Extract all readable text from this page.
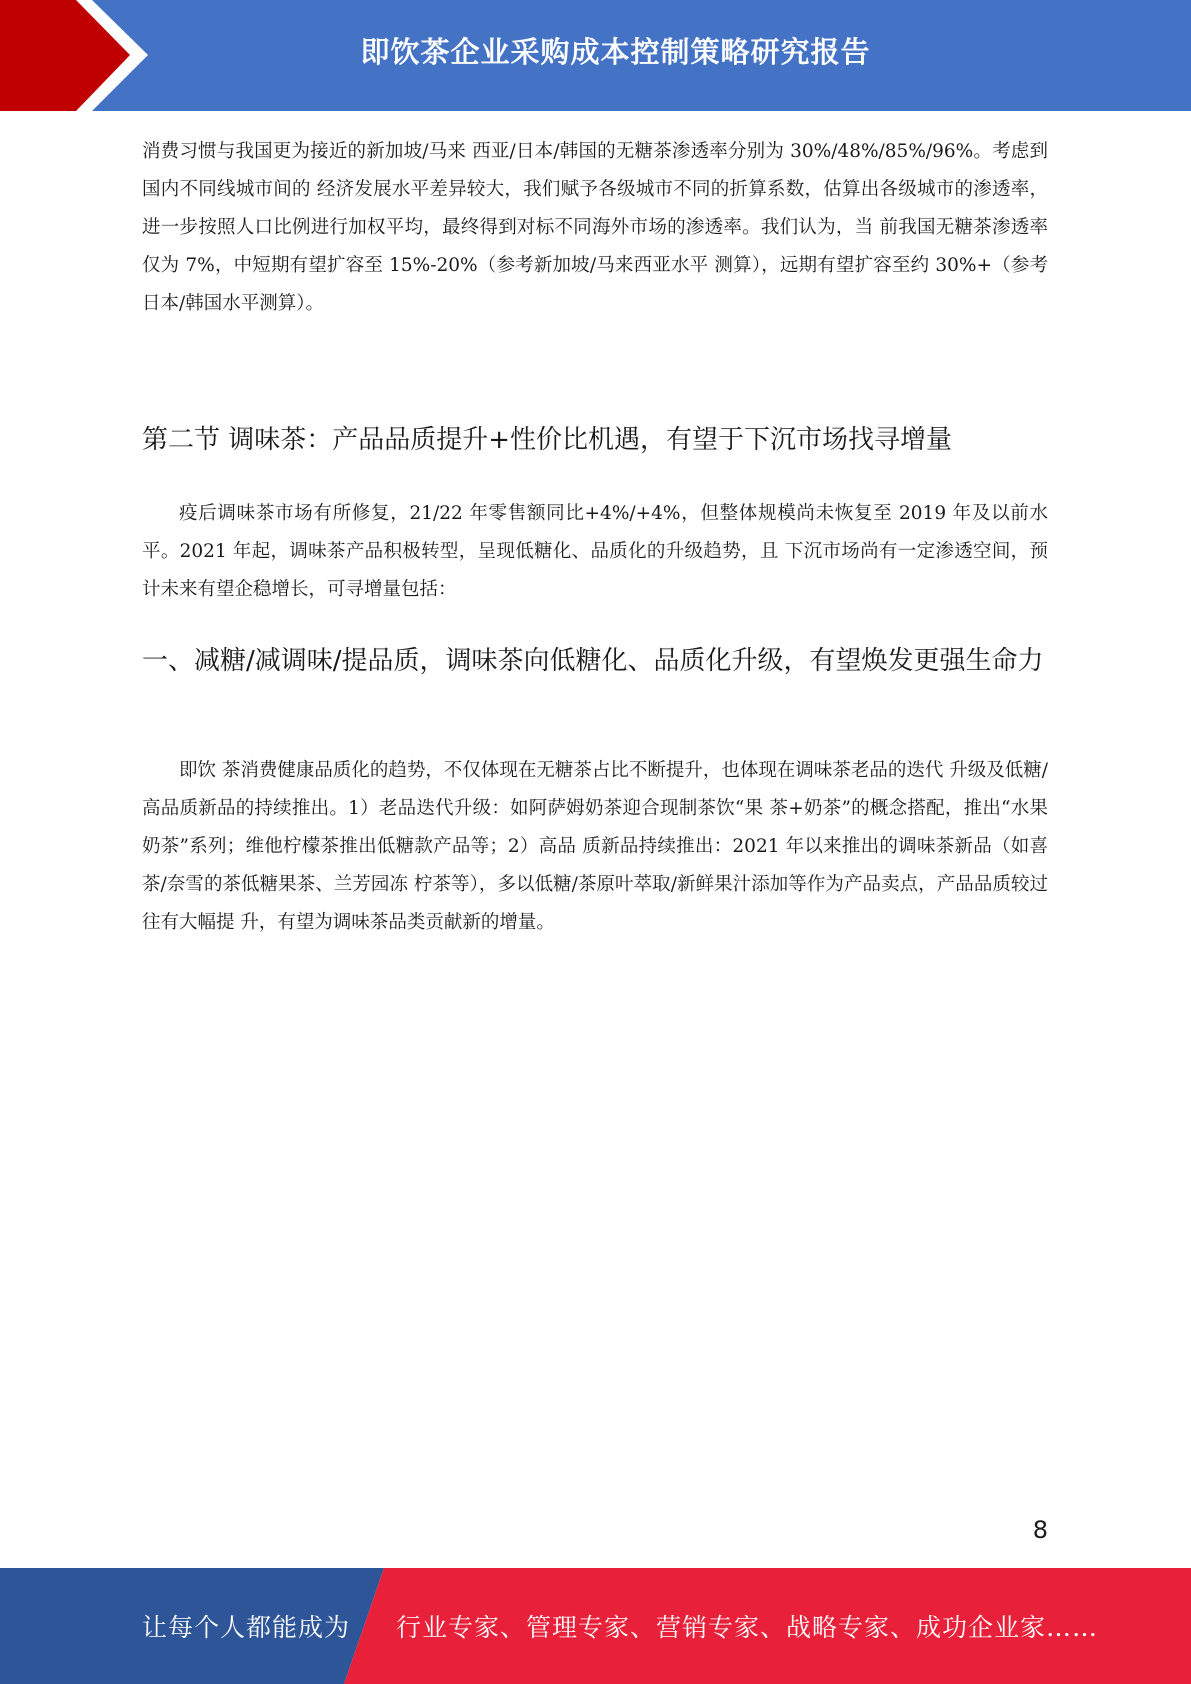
即饮茶企业采购成本控制策略研究报告

消费习惯与我国更为接近的新加坡/马来 西亚/日本/韩国的无糖茶渗透率分别为 30%/48%/85%/96%。考虑到国内不同线城市间的 经济发展水平差异较大，我们赋予各级城市不同的折算系数，估算出各级城市的渗透率， 进一步按照人口比例进行加权平均，最终得到对标不同海外市场的渗透率。我们认为，当 前我国无糖茶渗透率仅为 7%，中短期有望扩容至 15%-20%（参考新加坡/马来西亚水平 测算），远期有望扩容至约 30%+（参考日本/韩国水平测算）。

第二节 调味茶：产品品质提升+性价比机遇，有望于下沉市场找寻增量

疫后调味茶市场有所修复，21/22 年零售额同比+4%/+4%，但整体规模尚未恢复至 2019 年及以前水平。2021 年起，调味茶产品积极转型，呈现低糖化、品质化的升级趋势，且 下沉市场尚有一定渗透空间，预计未来有望企稳增长，可寻增量包括：

一、减糖/减调味/提品质，调味茶向低糖化、品质化升级，有望焕发更强生命力

即饮 茶消费健康品质化的趋势，不仅体现在无糖茶占比不断提升，也体现在调味茶老品的迭代 升级及低糖/高品质新品的持续推出。1）老品迭代升级：如阿萨姆奶茶迎合现制茶饮“果 茶+奶茶”的概念搭配，推出“水果奶茶”系列；维他柠檬茶推出低糖款产品等；2）高品 质新品持续推出：2021 年以来推出的调味茶新品（如喜茶/奈雪的茶低糖果茶、兰芳园冻 柠茶等），多以低糖/茶原叶萃取/新鲜果汁添加等作为产品卖点，产品品质较过往有大幅提 升，有望为调味茶品类贡献新的增量。

8
让每个人都能成为 行业专家、管理专家、营销专家、战略专家、成功企业家……
